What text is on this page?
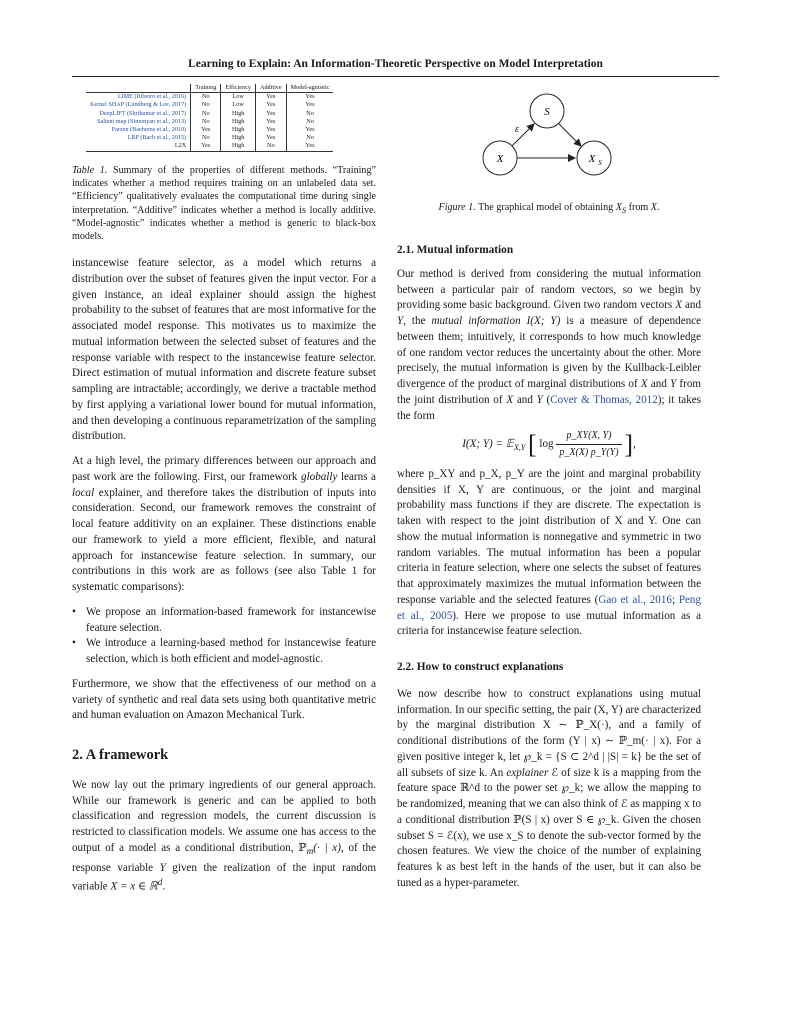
Learning to Explain: An Information-Theoretic Perspective on Model Interpretation
	Training	Efficiency	Additive	Model-agnostic
LIME (Ribeiro et al., 2016)	No	Low	Yes	Yes
Kernel SHAP (Lundberg & Lee, 2017)	No	Low	Yes	Yes
DeepLIFT (Shrikumar et al., 2017)	No	High	Yes	No
Salient map (Simonyan et al., 2013)	No	High	Yes	No
Parzen (Baehrens et al., 2010)	Yes	High	Yes	Yes
LRP (Bach et al., 2015)	No	High	Yes	No
L2X	Yes	High	No	Yes
Table 1. Summary of the properties of different methods. “Training” indicates whether a method requires training on an unlabeled data set. “Efficiency” qualitatively evaluates the computational time during single interpretation. “Additive” indicates whether a method is locally additive. “Model-agnostic” indicates whether a method is generic to black-box models.
X
S
X S
ε
Figure 1. The graphical model of obtaining $X_S$ from X.

instancewise feature selector, as a model which returns a distribution over the subset of features given the input vector. For a given instance, an ideal explainer should assign the highest probability to the subset of features that are most informative for the associated model response. This motivates us to maximize the mutual information between the selected subset of features and the response variable with respect to the instancewise feature selector. Direct estimation of mutual information and discrete feature subset sampling are intractable; accordingly, we derive a tractable method by first applying a variational lower bound for mutual information, and then developing a continuous reparametrization of the sampling distribution.

At a high level, the primary differences between our approach and past work are the following. First, our framework globally learns a local explainer, and therefore takes the distribution of inputs into consideration. Second, our framework removes the constraint of local feature additivity on an explainer. These distinctions enable our framework to yield a more efficient, flexible, and natural approach for instancewise feature selection. In summary, our contributions in this work are as follows (see also Table 1 for systematic comparisons):

• We propose an information-based framework for instancewise feature selection.
• We introduce a learning-based method for instancewise feature selection, which is both efficient and model-agnostic.

Furthermore, we show that the effectiveness of our method on a variety of synthetic and real data sets using both quantitative metric and human evaluation on Amazon Mechanical Turk.

2. A framework

We now lay out the primary ingredients of our general approach. While our framework is generic and can be applied to both classification and regression models, the current discussion is restricted to classification models. We assume one has access to the output of a model as a conditional distribution, ℙ$_m$(· | x), of the response variable Y given the realization of the input random variable X = x ∈ ℝ$^d$.

2.1. Mutual information

Our method is derived from considering the mutual information between a particular pair of random vectors, so we begin by providing some basic background. Given two random vectors X and Y, the mutual information I(X; Y) is a measure of dependence between them; intuitively, it corresponds to how much knowledge of one random vector reduces the uncertainty about the other. More precisely, the mutual information is given by the Kullback-Leibler divergence of the product of marginal distributions of X and Y from the joint distribution of X and Y (Cover & Thomas, 2012); it takes the form

I(X; Y) = 𝔼$_{X,Y}$ [ $\log \frac{p\_XY(X, Y)}{p\_X(X) p\_Y(Y)}$ ],

where p_XY and p_X, p_Y are the joint and marginal probability densities if X, Y are continuous, or the joint and marginal probability mass functions if they are discrete. The expectation is taken with respect to the joint distribution of X and Y. One can show the mutual information is nonnegative and symmetric in two random variables. The mutual information has been a popular criteria in feature selection, where one selects the subset of features that approximately maximizes the mutual information between the response variable and the selected features (Gao et al., 2016; Peng et al., 2005). Here we propose to use mutual information as a criteria for instancewise feature selection.

2.2. How to construct explanations

We now describe how to construct explanations using mutual information. In our specific setting, the pair (X, Y) are characterized by the marginal distribution X ∼ ℙ_X(·), and a family of conditional distributions of the form (Y | x) ∼ ℙ_m(· | x). For a given positive integer k, let ℘_k = {S ⊂ 2^d | |S| = k} be the set of all subsets of size k. An explainer ℰ of size k is a mapping from the feature space ℝ^d to the power set ℘_k; we allow the mapping to be randomized, meaning that we can also think of ℰ as mapping x to a conditional distribution ℙ(S | x) over S ∈ ℘_k. Given the chosen subset S = ℰ(x), we use x_S to denote the sub-vector formed by the chosen features. We view the choice of the number of explaining features k as best left in the hands of the user, but it can also be tuned as a hyper-parameter.
